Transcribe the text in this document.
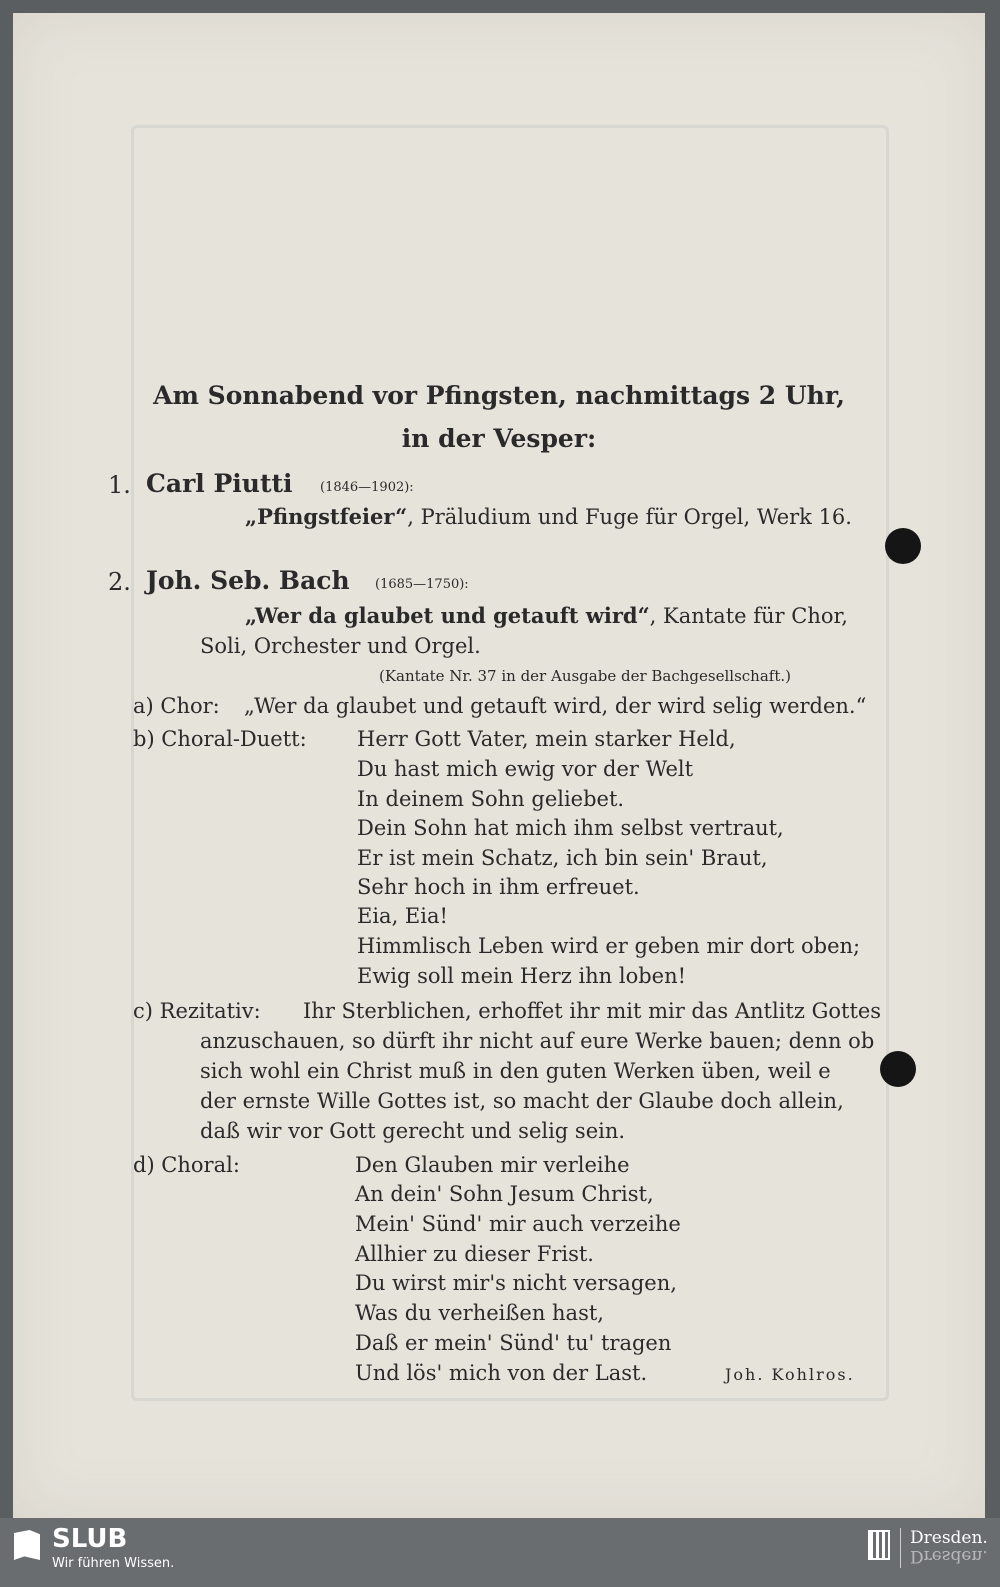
Am Sonnabend vor Pfingsten, nachmittags 2 Uhr,
in der Vesper:
1. Carl Piutti (1846—1902):
„Pfingstfeier“, Präludium und Fuge für Orgel, Werk 16.
2. Joh. Seb. Bach (1685—1750):
„Wer da glaubet und getauft wird“, Kantate für Chor,
Soli, Orchester und Orgel.
(Kantate Nr. 37 in der Ausgabe der Bachgesellschaft.)
a) Chor: „Wer da glaubet und getauft wird, der wird selig werden.“
b) Choral-Duett: Herr Gott Vater, mein starker Held,
Du hast mich ewig vor der Welt
In deinem Sohn geliebet.
Dein Sohn hat mich ihm selbst vertraut,
Er ist mein Schatz, ich bin sein' Braut,
Sehr hoch in ihm erfreuet.
Eia, Eia!
Himmlisch Leben wird er geben mir dort oben;
Ewig soll mein Herz ihn loben!
c) Rezitativ: Ihr Sterblichen, erhoffet ihr mit mir das Antlitz Gottes
anzuschauen, so dürft ihr nicht auf eure Werke bauen; denn ob
sich wohl ein Christ muß in den guten Werken üben, weil e
der ernste Wille Gottes ist, so macht der Glaube doch allein,
daß wir vor Gott gerecht und selig sein.
d) Choral:	Den Glauben mir verleihe
An dein' Sohn Jesum Christ,
Mein' Sünd' mir auch verzeihe
Allhier zu dieser Frist.
Du wirst mir's nicht versagen,
Was du verheißen hast,
Daß er mein' Sünd' tu' tragen
Und lös' mich von der Last.	Joh. Kohlros.
SLUB
Wir führen Wissen.
Dresden.
Dresden.
